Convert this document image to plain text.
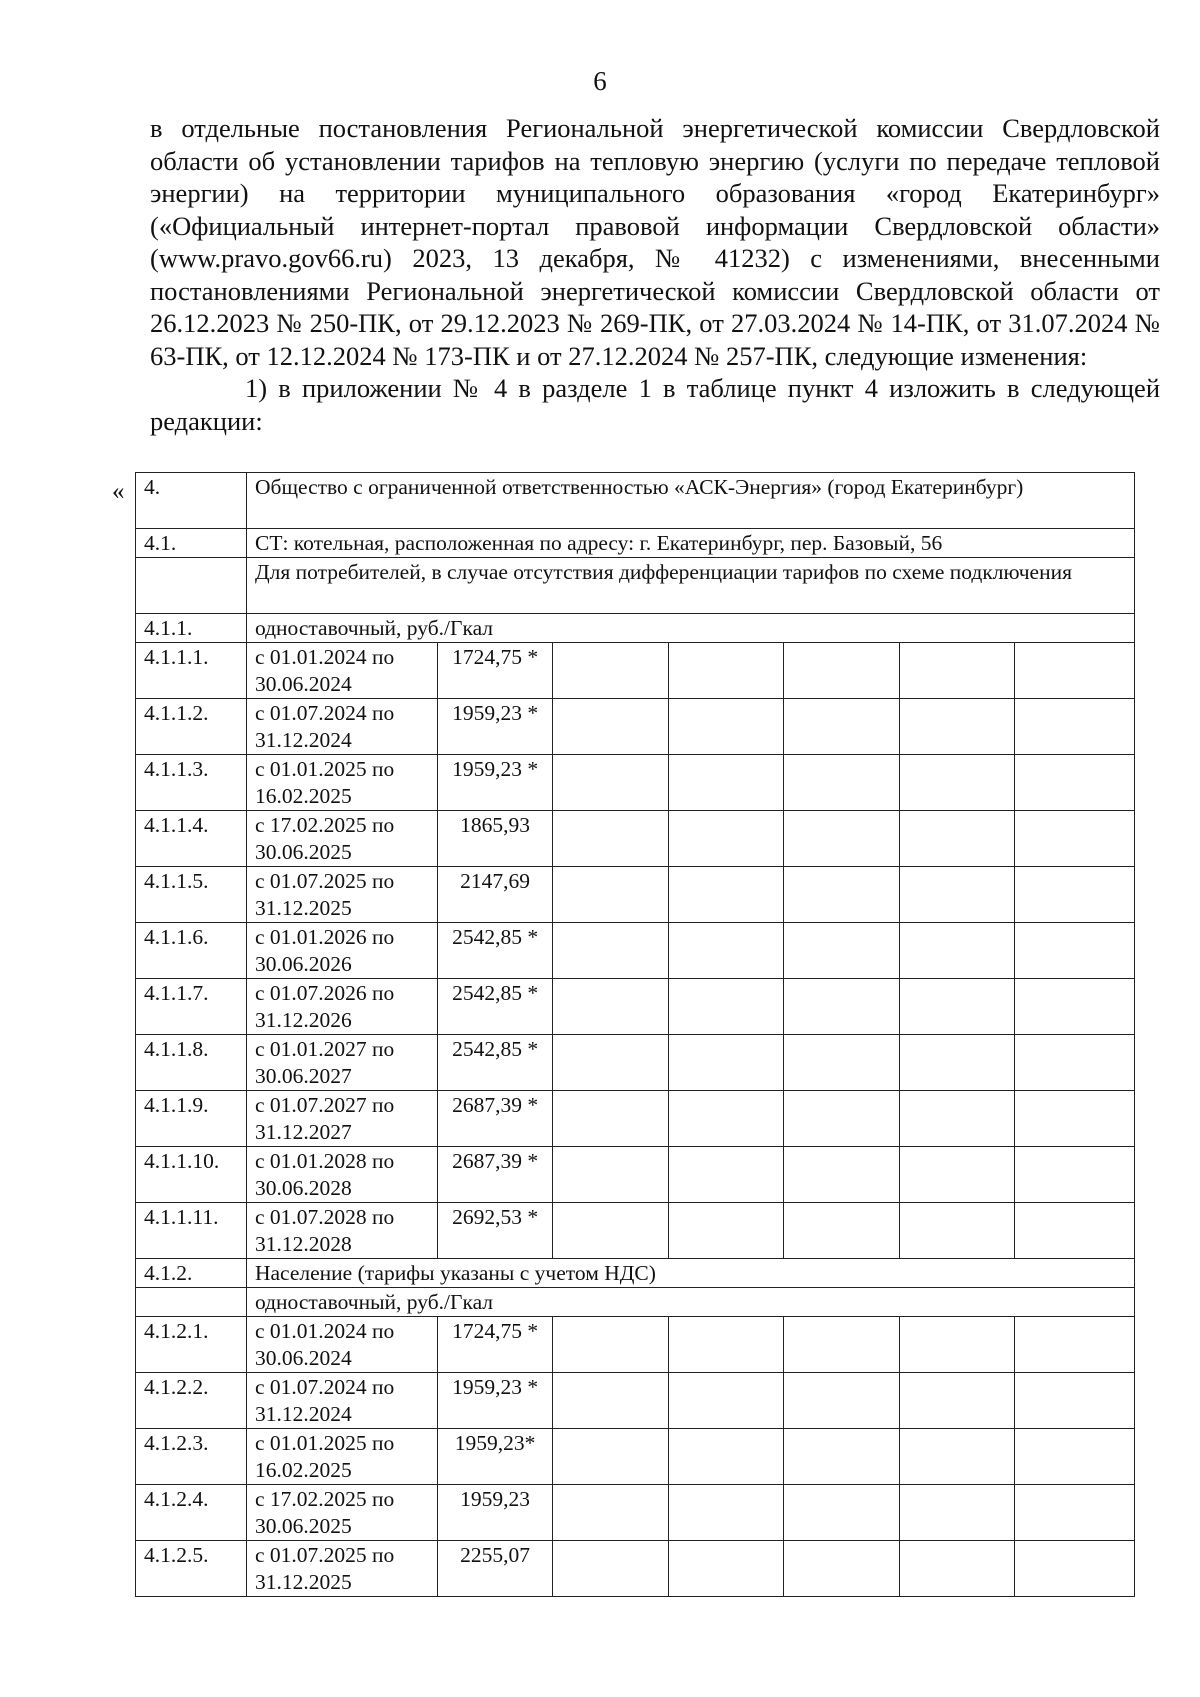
6

в отдельные постановления Региональной энергетической комиссии Свердловской области об установлении тарифов на тепловую энергию (услуги по передаче тепловой энергии) на территории муниципального образования «город Екатеринбург» («Официальный интернет-портал правовой информации Свердловской области» (www.pravo.gov66.ru) 2023, 13 декабря, № 41232) с изменениями, внесенными постановлениями Региональной энергетической комиссии Свердловской области от 26.12.2023 № 250-ПК, от 29.12.2023 № 269-ПК, от 27.03.2024 № 14-ПК, от 31.07.2024 № 63-ПК, от 12.12.2024 № 173-ПК и от 27.12.2024 № 257-ПК, следующие изменения:

1) в приложении № 4 в разделе 1 в таблице пункт 4 изложить в следующей редакции:

« 4.	Общество с ограниченной ответственностью «АСК-Энергия» (город Екатеринбург)						
4.1.	СТ: котельная, расположенная по адресу: г. Екатеринбург, пер. Базовый, 56						
	Для потребителей, в случае отсутствия дифференциации тарифов по схеме подключения						
4.1.1.	одноставочный, руб./Гкал						
4.1.1.1.	с 01.01.2024 по 30.06.2024	1724,75 *					
4.1.1.2.	с 01.07.2024 по 31.12.2024	1959,23 *					
4.1.1.3.	с 01.01.2025 по 16.02.2025	1959,23 *					
4.1.1.4.	с 17.02.2025 по 30.06.2025	1865,93					
4.1.1.5.	с 01.07.2025 по 31.12.2025	2147,69					
4.1.1.6.	с 01.01.2026 по 30.06.2026	2542,85 *					
4.1.1.7.	с 01.07.2026 по 31.12.2026	2542,85 *					
4.1.1.8.	с 01.01.2027 по 30.06.2027	2542,85 *					
4.1.1.9.	с 01.07.2027 по 31.12.2027	2687,39 *					
4.1.1.10.	с 01.01.2028 по 30.06.2028	2687,39 *					
4.1.1.11.	с 01.07.2028 по 31.12.2028	2692,53 *					
4.1.2.	Население (тарифы указаны с учетом НДС)						
	одноставочный, руб./Гкал						
4.1.2.1.	с 01.01.2024 по 30.06.2024	1724,75 *					
4.1.2.2.	с 01.07.2024 по 31.12.2024	1959,23 *					
4.1.2.3.	с 01.01.2025 по 16.02.2025	1959,23*					
4.1.2.4.	с 17.02.2025 по 30.06.2025	1959,23					
4.1.2.5.	с 01.07.2025 по 31.12.2025	2255,07					
